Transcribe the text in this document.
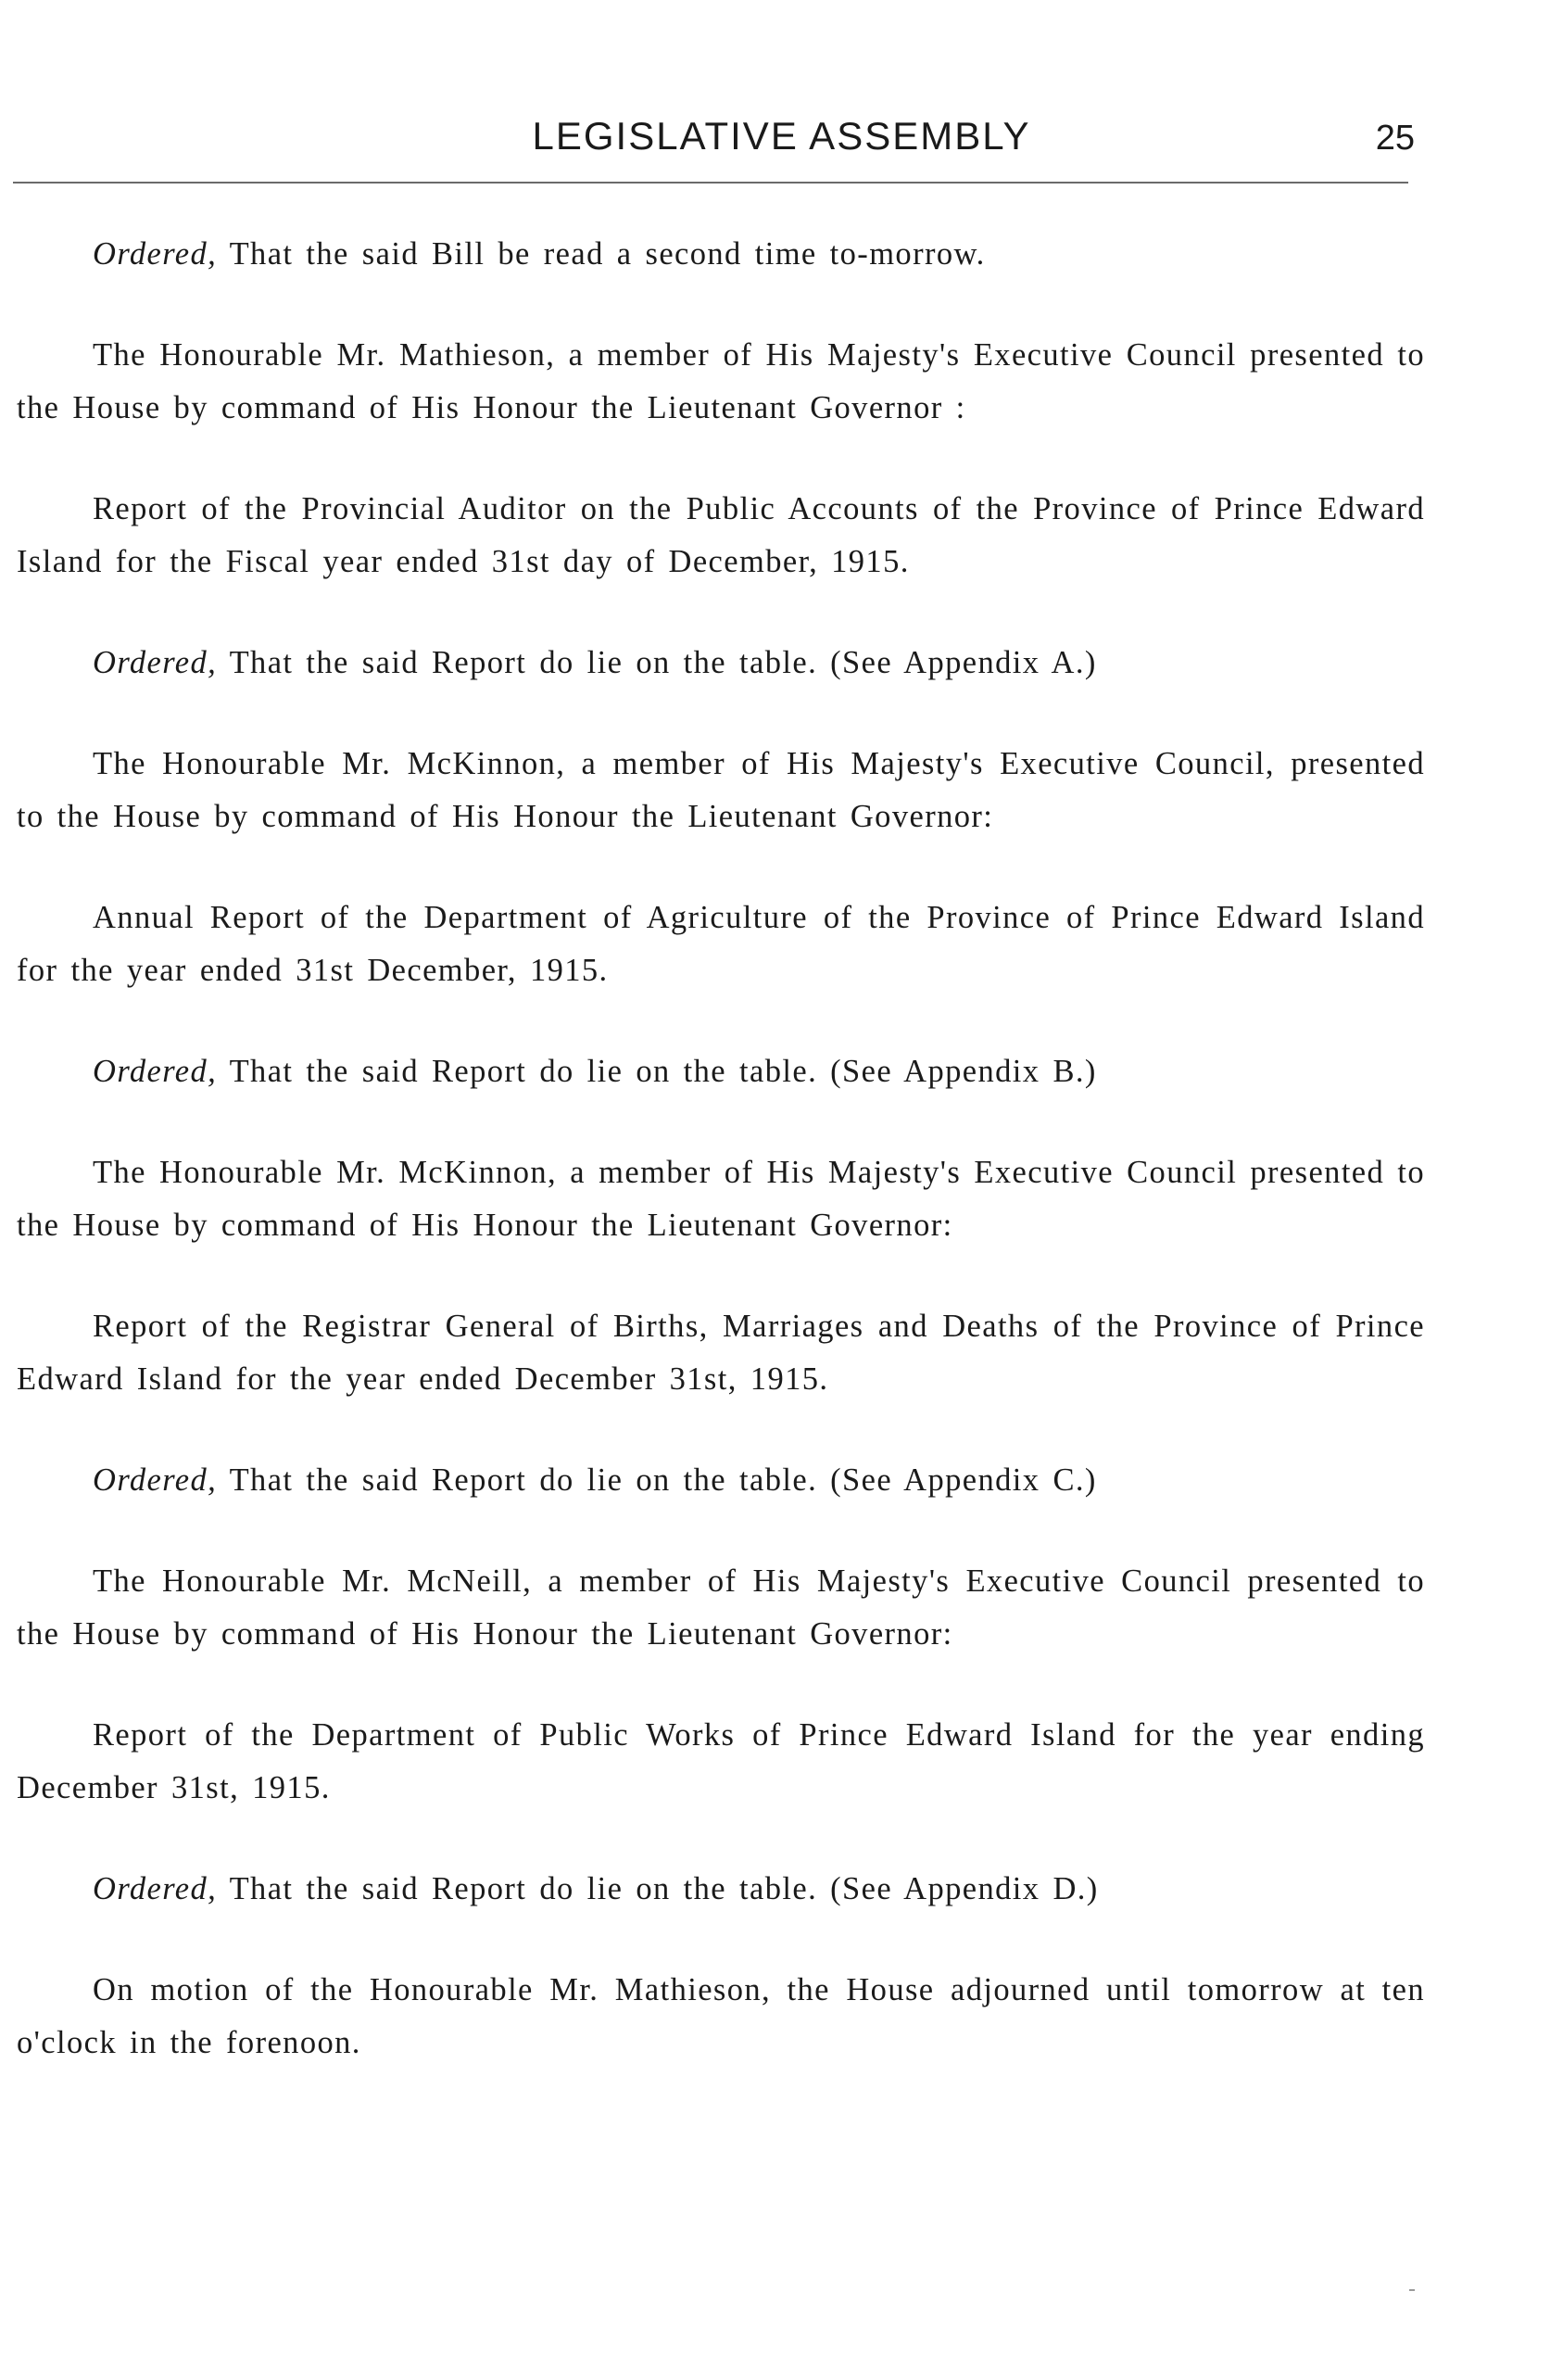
LEGISLATIVE ASSEMBLY	25

Ordered, That the said Bill be read a second time to-morrow.

The Honourable Mr. Mathieson, a member of His Majesty's Executive Council presented to the House by command of His Honour the Lieutenant Governor :

Report of the Provincial Auditor on the Public Accounts of the Province of Prince Edward Island for the Fiscal year ended 31st day of December, 1915.

Ordered, That the said Report do lie on the table. (See Appendix A.)

The Honourable Mr. McKinnon, a member of His Majesty's Executive Council, presented to the House by command of His Honour the Lieutenant Governor:

Annual Report of the Department of Agriculture of the Province of Prince Edward Island for the year ended 31st December, 1915.

Ordered, That the said Report do lie on the table. (See Appendix B.)

The Honourable Mr. McKinnon, a member of His Majesty's Executive Council presented to the House by command of His Honour the Lieutenant Governor:

Report of the Registrar General of Births, Marriages and Deaths of the Province of Prince Edward Island for the year ended December 31st, 1915.

Ordered, That the said Report do lie on the table. (See Appendix C.)

The Honourable Mr. McNeill, a member of His Majesty's Executive Council presented to the House by command of His Honour the Lieutenant Governor:

Report of the Department of Public Works of Prince Edward Island for the year ending December 31st, 1915.

Ordered, That the said Report do lie on the table. (See Appendix D.)

On motion of the Honourable Mr. Mathieson, the House adjourned until tomorrow at ten o'clock in the forenoon.
